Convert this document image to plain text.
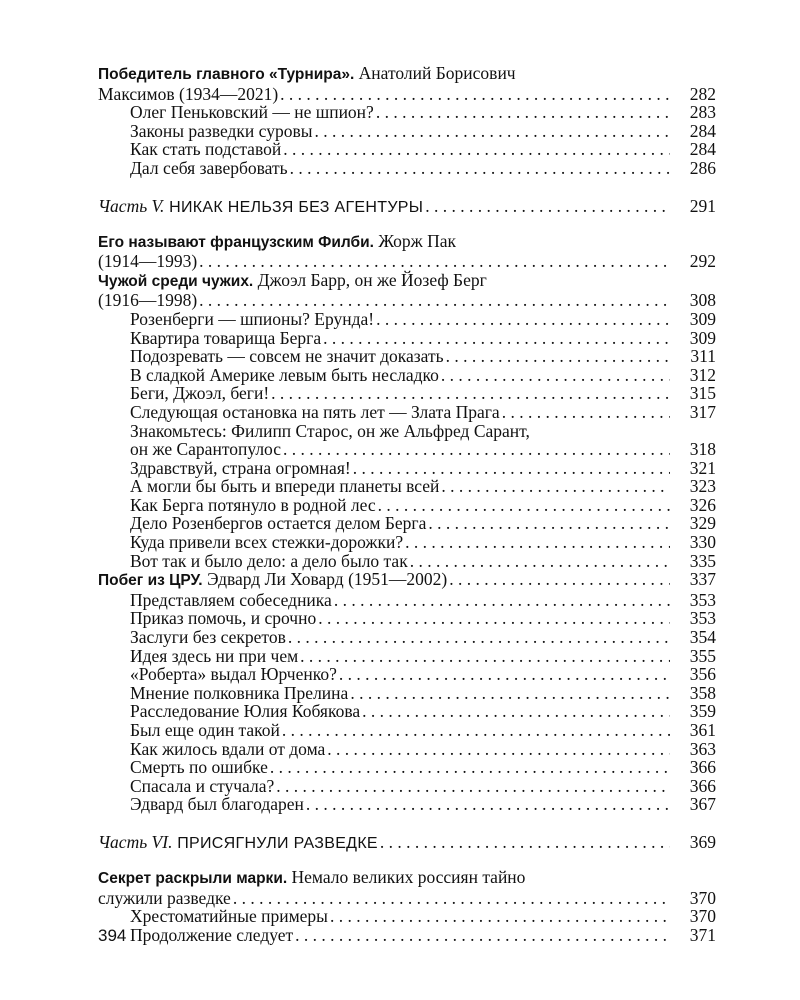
Победитель главного «Турнира». Анатолий Борисович
Максимов (1934—2021) . . .	282
Олег Пеньковский — не шпион? . . .	283
Законы разведки суровы . . .	284
Как стать подставой . . .	284
Дал себя завербовать . . .	286
Часть V. НИКАК НЕЛЬЗЯ БЕЗ АГЕНТУРЫ . . .	291
Его называют французским Филби. Жорж Пак
(1914—1993) . . .	292
Чужой среди чужих. Джоэл Барр, он же Йозеф Берг
(1916—1998) . . .	308
Розенберги — шпионы? Ерунда! . . .	309
Квартира товарища Берга . . .	309
Подозревать — совсем не значит доказать . . .	311
В сладкой Америке левым быть несладко . . .	312
Беги, Джоэл, беги! . . .	315
Следующая остановка на пять лет — Злата Прага . . .	317
Знакомьтесь: Филипп Старос, он же Альфред Сарант,
он же Сарантопулос . . .	318
Здравствуй, страна огромная! . . .	321
А могли бы быть и впереди планеты всей . . .	323
Как Берга потянуло в родной лес . . .	326
Дело Розенбергов остается делом Берга . . .	329
Куда привели всех стежки-дорожки? . . .	330
Вот так и было дело: а дело было так . . .	335
Побег из ЦРУ. Эдвард Ли Ховард (1951—2002) . . .	337
Представляем собеседника . . .	353
Приказ помочь, и срочно . . .	353
Заслуги без секретов . . .	354
Идея здесь ни при чем . . .	355
«Роберта» выдал Юрченко? . . .	356
Мнение полковника Прелина . . .	358
Расследование Юлия Кобякова . . .	359
Был еще один такой . . .	361
Как жилось вдали от дома . . .	363
Смерть по ошибке . . .	366
Спасала и стучала? . . .	366
Эдвард был благодарен . . .	367
Часть VI. ПРИСЯГНУЛИ РАЗВЕДКЕ . . .	369
Секрет раскрыли марки. Немало великих россиян тайно
служили разведке . . .	370
Хрестоматийные примеры . . .	370
Продолжение следует . . .	371
394
